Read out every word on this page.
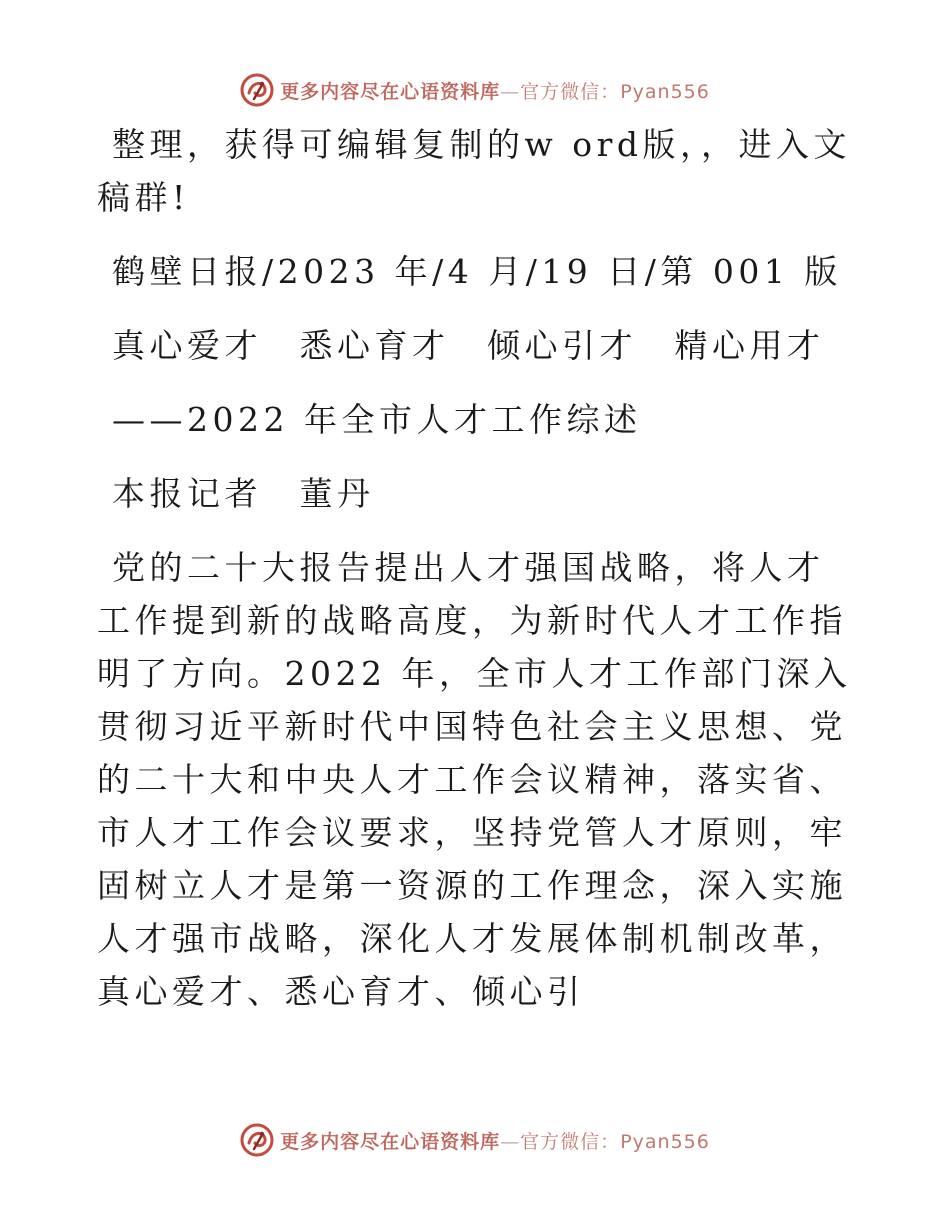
更多内容尽在心语资料库—官方微信：Pyan556

整理，获得可编辑复制的w ord版，，进入文稿群!

鹤壁日报/2023 年/4 月/19 日/第 001 版

真心爱才　悉心育才　倾心引才　精心用才

——2022 年全市人才工作综述

本报记者　董丹

党的二十大报告提出人才强国战略，将人才工作提到新的战略高度，为新时代人才工作指明了方向。2022 年，全市人才工作部门深入贯彻习近平新时代中国特色社会主义思想、党的二十大和中央人才工作会议精神，落实省、市人才工作会议要求，坚持党管人才原则，牢固树立人才是第一资源的工作理念，深入实施人才强市战略，深化人才发展体制机制改革，真心爱才、悉心育才、倾心引

更多内容尽在心语资料库—官方微信：Pyan556
